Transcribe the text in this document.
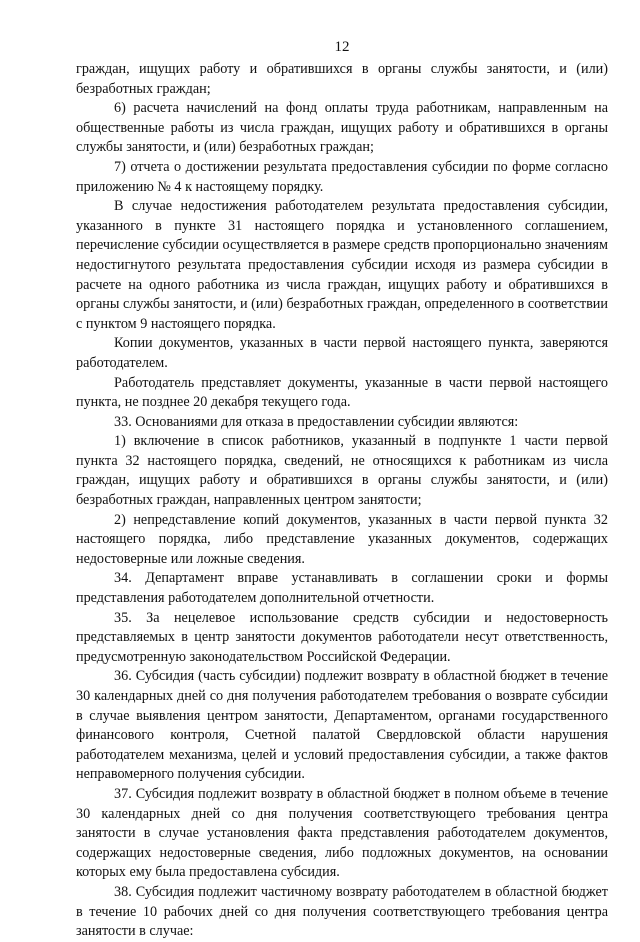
12

граждан, ищущих работу и обратившихся в органы службы занятости, и (или) безработных граждан;

6) расчета начислений на фонд оплаты труда работникам, направленным на общественные работы из числа граждан, ищущих работу и обратившихся в органы службы занятости, и (или) безработных граждан;

7) отчета о достижении результата предоставления субсидии по форме согласно приложению № 4 к настоящему порядку.

В случае недостижения работодателем результата предоставления субсидии, указанного в пункте 31 настоящего порядка и установленного соглашением, перечисление субсидии осуществляется в размере средств пропорционально значениям недостигнутого результата предоставления субсидии исходя из размера субсидии в расчете на одного работника из числа граждан, ищущих работу и обратившихся в органы службы занятости, и (или) безработных граждан, определенного в соответствии с пунктом 9 настоящего порядка.

Копии документов, указанных в части первой настоящего пункта, заверяются работодателем.

Работодатель представляет документы, указанные в части первой настоящего пункта, не позднее 20 декабря текущего года.

33. Основаниями для отказа в предоставлении субсидии являются:

1) включение в список работников, указанный в подпункте 1 части первой пункта 32 настоящего порядка, сведений, не относящихся к работникам из числа граждан, ищущих работу и обратившихся в органы службы занятости, и (или) безработных граждан, направленных центром занятости;

2) непредставление копий документов, указанных в части первой пункта 32 настоящего порядка, либо представление указанных документов, содержащих недостоверные или ложные сведения.

34. Департамент вправе устанавливать в соглашении сроки и формы представления работодателем дополнительной отчетности.

35. За нецелевое использование средств субсидии и недостоверность представляемых в центр занятости документов работодатели несут ответственность, предусмотренную законодательством Российской Федерации.

36. Субсидия (часть субсидии) подлежит возврату в областной бюджет в течение 30 календарных дней со дня получения работодателем требования о возврате субсидии в случае выявления центром занятости, Департаментом, органами государственного финансового контроля, Счетной палатой Свердловской области нарушения работодателем механизма, целей и условий предоставления субсидии, а также фактов неправомерного получения субсидии.

37. Субсидия подлежит возврату в областной бюджет в полном объеме в течение 30 календарных дней со дня получения соответствующего требования центра занятости в случае установления факта представления работодателем документов, содержащих недостоверные сведения, либо подложных документов, на основании которых ему была предоставлена субсидия.

38. Субсидия подлежит частичному возврату работодателем в областной бюджет в течение 10 рабочих дней со дня получения соответствующего требования центра занятости в случае:
